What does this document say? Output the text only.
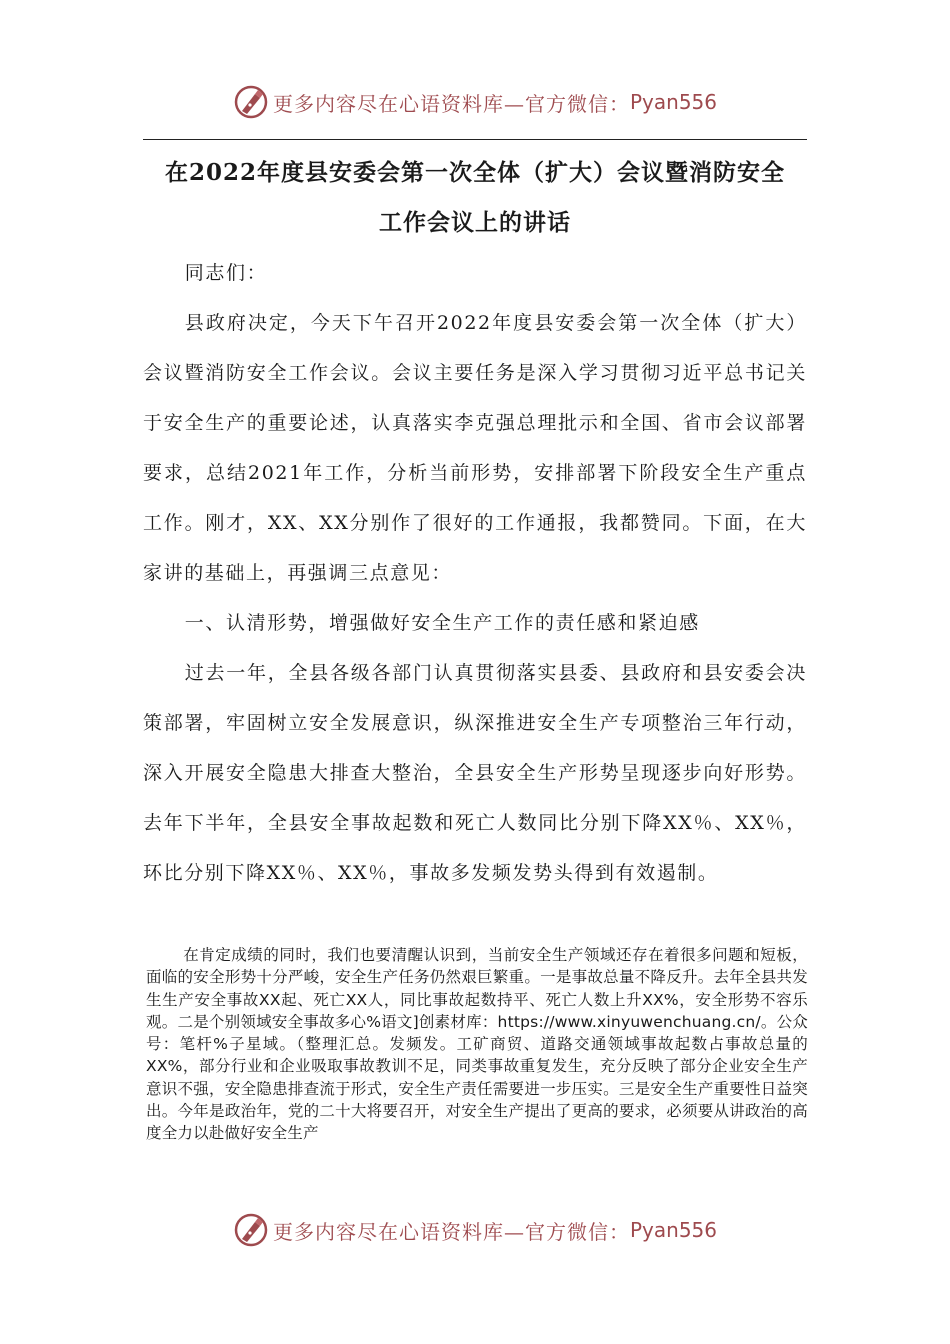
更多内容尽在心语资料库—官方微信： Pyan556
在2022年度县安委会第一次全体（扩大）会议暨消防安全
工作会议上的讲话

同志们：

县政府决定，今天下午召开2022年度县安委会第一次全体（扩大）会议暨消防安全工作会议。会议主要任务是深入学习贯彻习近平总书记关于安全生产的重要论述，认真落实李克强总理批示和全国、省市会议部署要求，总结2021年工作，分析当前形势，安排部署下阶段安全生产重点工作。刚才，XX、XX分别作了很好的工作通报，我都赞同。下面，在大家讲的基础上，再强调三点意见：

一、认清形势，增强做好安全生产工作的责任感和紧迫感

过去一年，全县各级各部门认真贯彻落实县委、县政府和县安委会决策部署，牢固树立安全发展意识，纵深推进安全生产专项整治三年行动，深入开展安全隐患大排查大整治，全县安全生产形势呈现逐步向好形势。去年下半年，全县安全事故起数和死亡人数同比分别下降XX％、XX％，环比分别下降XX％、XX％，事故多发频发势头得到有效遏制。

在肯定成绩的同时，我们也要清醒认识到，当前安全生产领域还存在着很多问题和短板，面临的安全形势十分严峻，安全生产任务仍然艰巨繁重。一是事故总量不降反升。去年全县共发生生产安全事故XX起、死亡XX人，同比事故起数持平、死亡人数上升XX%，安全形势不容乐观。二是个别领域安全事故多心%语文]创素材库：https://www.xinyuwenchuang.cn/。公众号：笔杆%子星域。（整理汇总。发频发。工矿商贸、道路交通领域事故起数占事故总量的XX%，部分行业和企业吸取事故教训不足，同类事故重复发生，充分反映了部分企业安全生产意识不强，安全隐患排查流于形式，安全生产责任需要进一步压实。三是安全生产重要性日益突出。今年是政治年，党的二十大将要召开，对安全生产提出了更高的要求，必须要从讲政治的高度全力以赴做好安全生产

更多内容尽在心语资料库—官方微信： Pyan556
